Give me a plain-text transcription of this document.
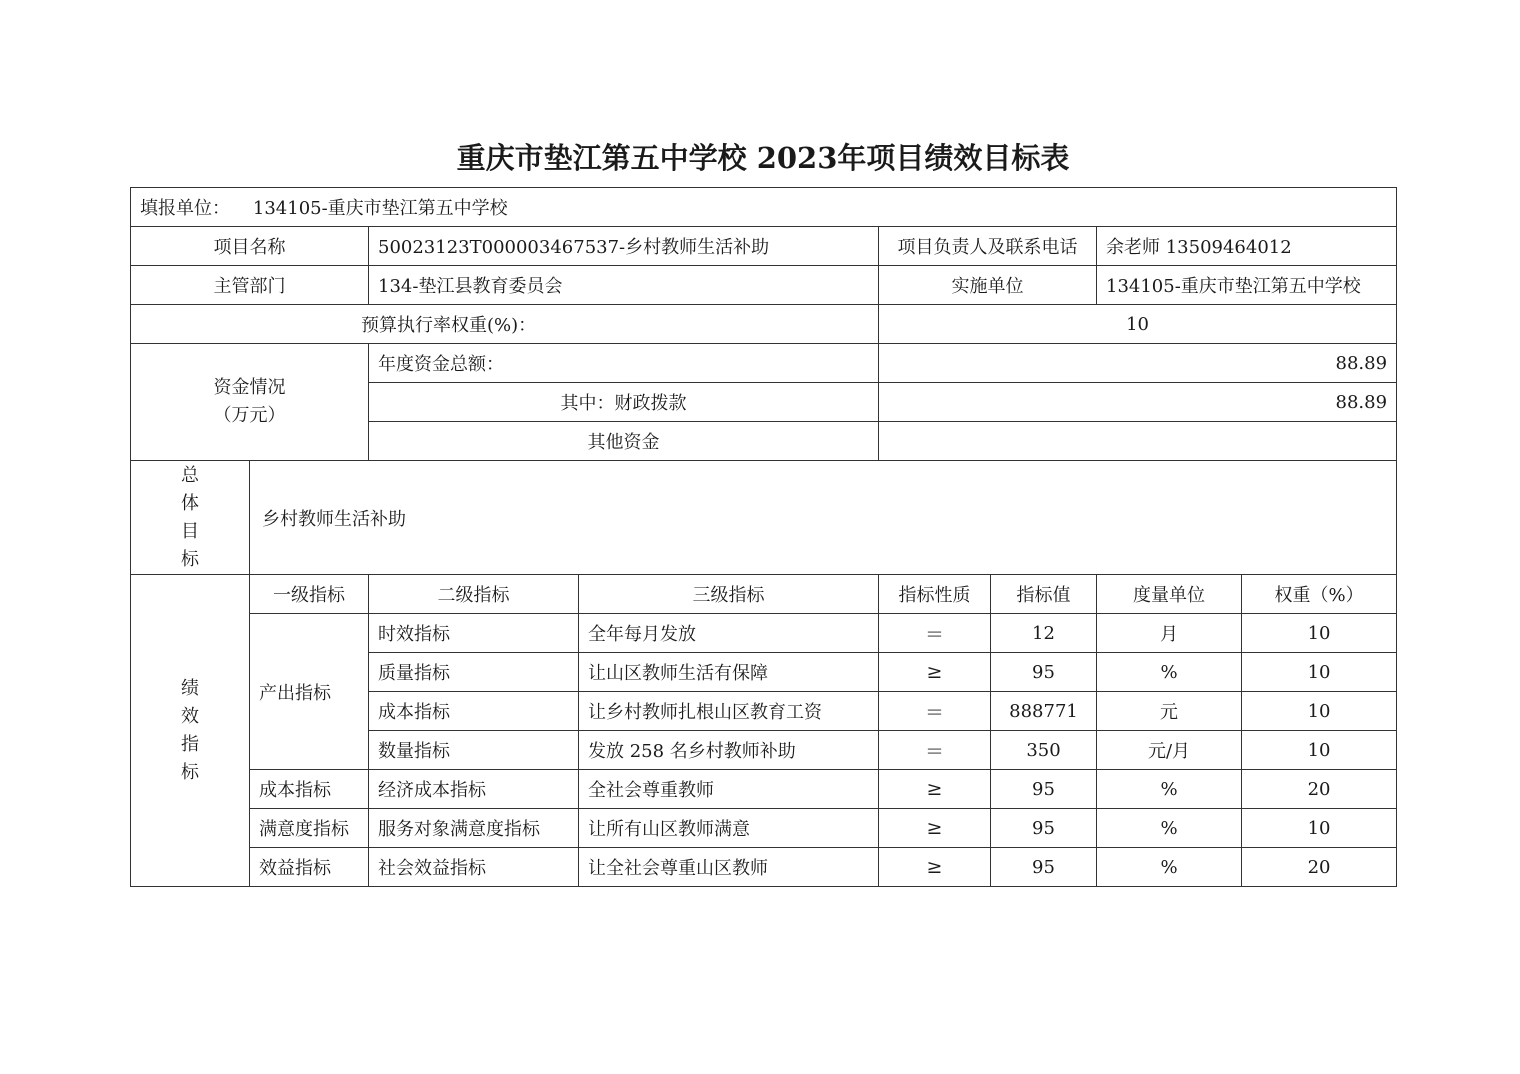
重庆市垫江第五中学校 2023年项目绩效目标表
填报单位： 134105-重庆市垫江第五中学校							
项目名称		50023123T000003467537-乡村教师生活补助		项目负责人及联系电话		余老师 13509464012	
主管部门		134-垫江县教育委员会		实施单位		134105-重庆市垫江第五中学校	
预算执行率权重(%)：				10			
资金情况
（万元）		年度资金总额：		88.89			
		其中：财政拨款		88.89			
		其他资金					

总
体
目
标	乡村教师生活补助						

绩
效
指
标	一级指标	二级指标	三级指标	指标性质	指标值	度量单位	权重（%）
	产出指标	时效指标	全年每月发放	＝	12	月	10
		质量指标	让山区教师生活有保障	≥	95	%	10
		成本指标	让乡村教师扎根山区教育工资	＝	888771	元	10
		数量指标	发放 258 名乡村教师补助	＝	350	元/月	10
	成本指标	经济成本指标	全社会尊重教师	≥	95	%	20
	满意度指标	服务对象满意度指标	让所有山区教师满意	≥	95	%	10
	效益指标	社会效益指标	让全社会尊重山区教师	≥	95	%	20
